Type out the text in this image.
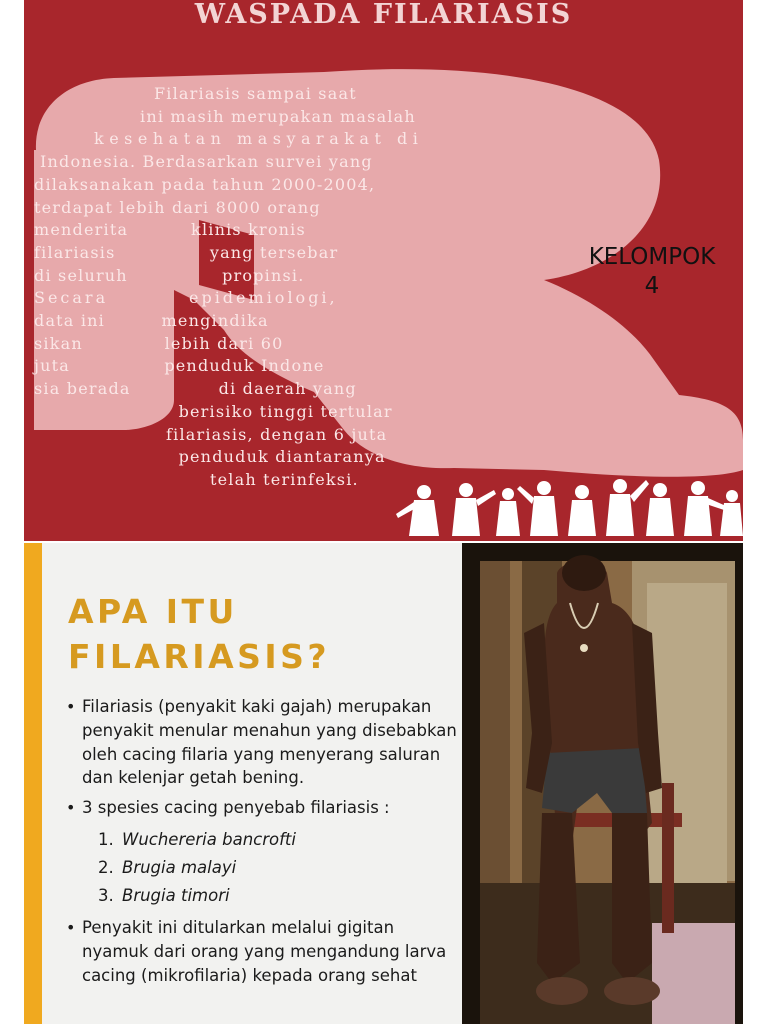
WASPADA FILARIASIS
Filariasis sampai saat
ini masih merupakan masalah
kesehatan masyarakat di
Indonesia. Berdasarkan survei yang
dilaksanakan pada tahun 2000-2004,
terdapat lebih dari 8000 orang
menderita          klinis kronis
filariasis               yang tersebar
di seluruh               propinsi.
Secara          epidemiologi,
data ini         mengindika
sikan             lebih dari 60
juta               penduduk Indone
sia berada              di daerah yang
berisiko tinggi tertular
filariasis, dengan 6 juta
penduduk diantaranya
telah terinfeksi.
KELOMPOK
4
APA ITU
FILARIASIS?
• Filariasis (penyakit kaki gajah) merupakan penyakit menular menahun yang disebabkan oleh cacing filaria yang menyerang saluran dan kelenjar getah bening.
• 3 spesies cacing penyebab filariasis :
1. Wuchereria bancrofti
2. Brugia malayi
3. Brugia timori
• Penyakit ini ditularkan melalui gigitan nyamuk dari orang yang mengandung larva cacing (mikrofilaria) kepada orang sehat
